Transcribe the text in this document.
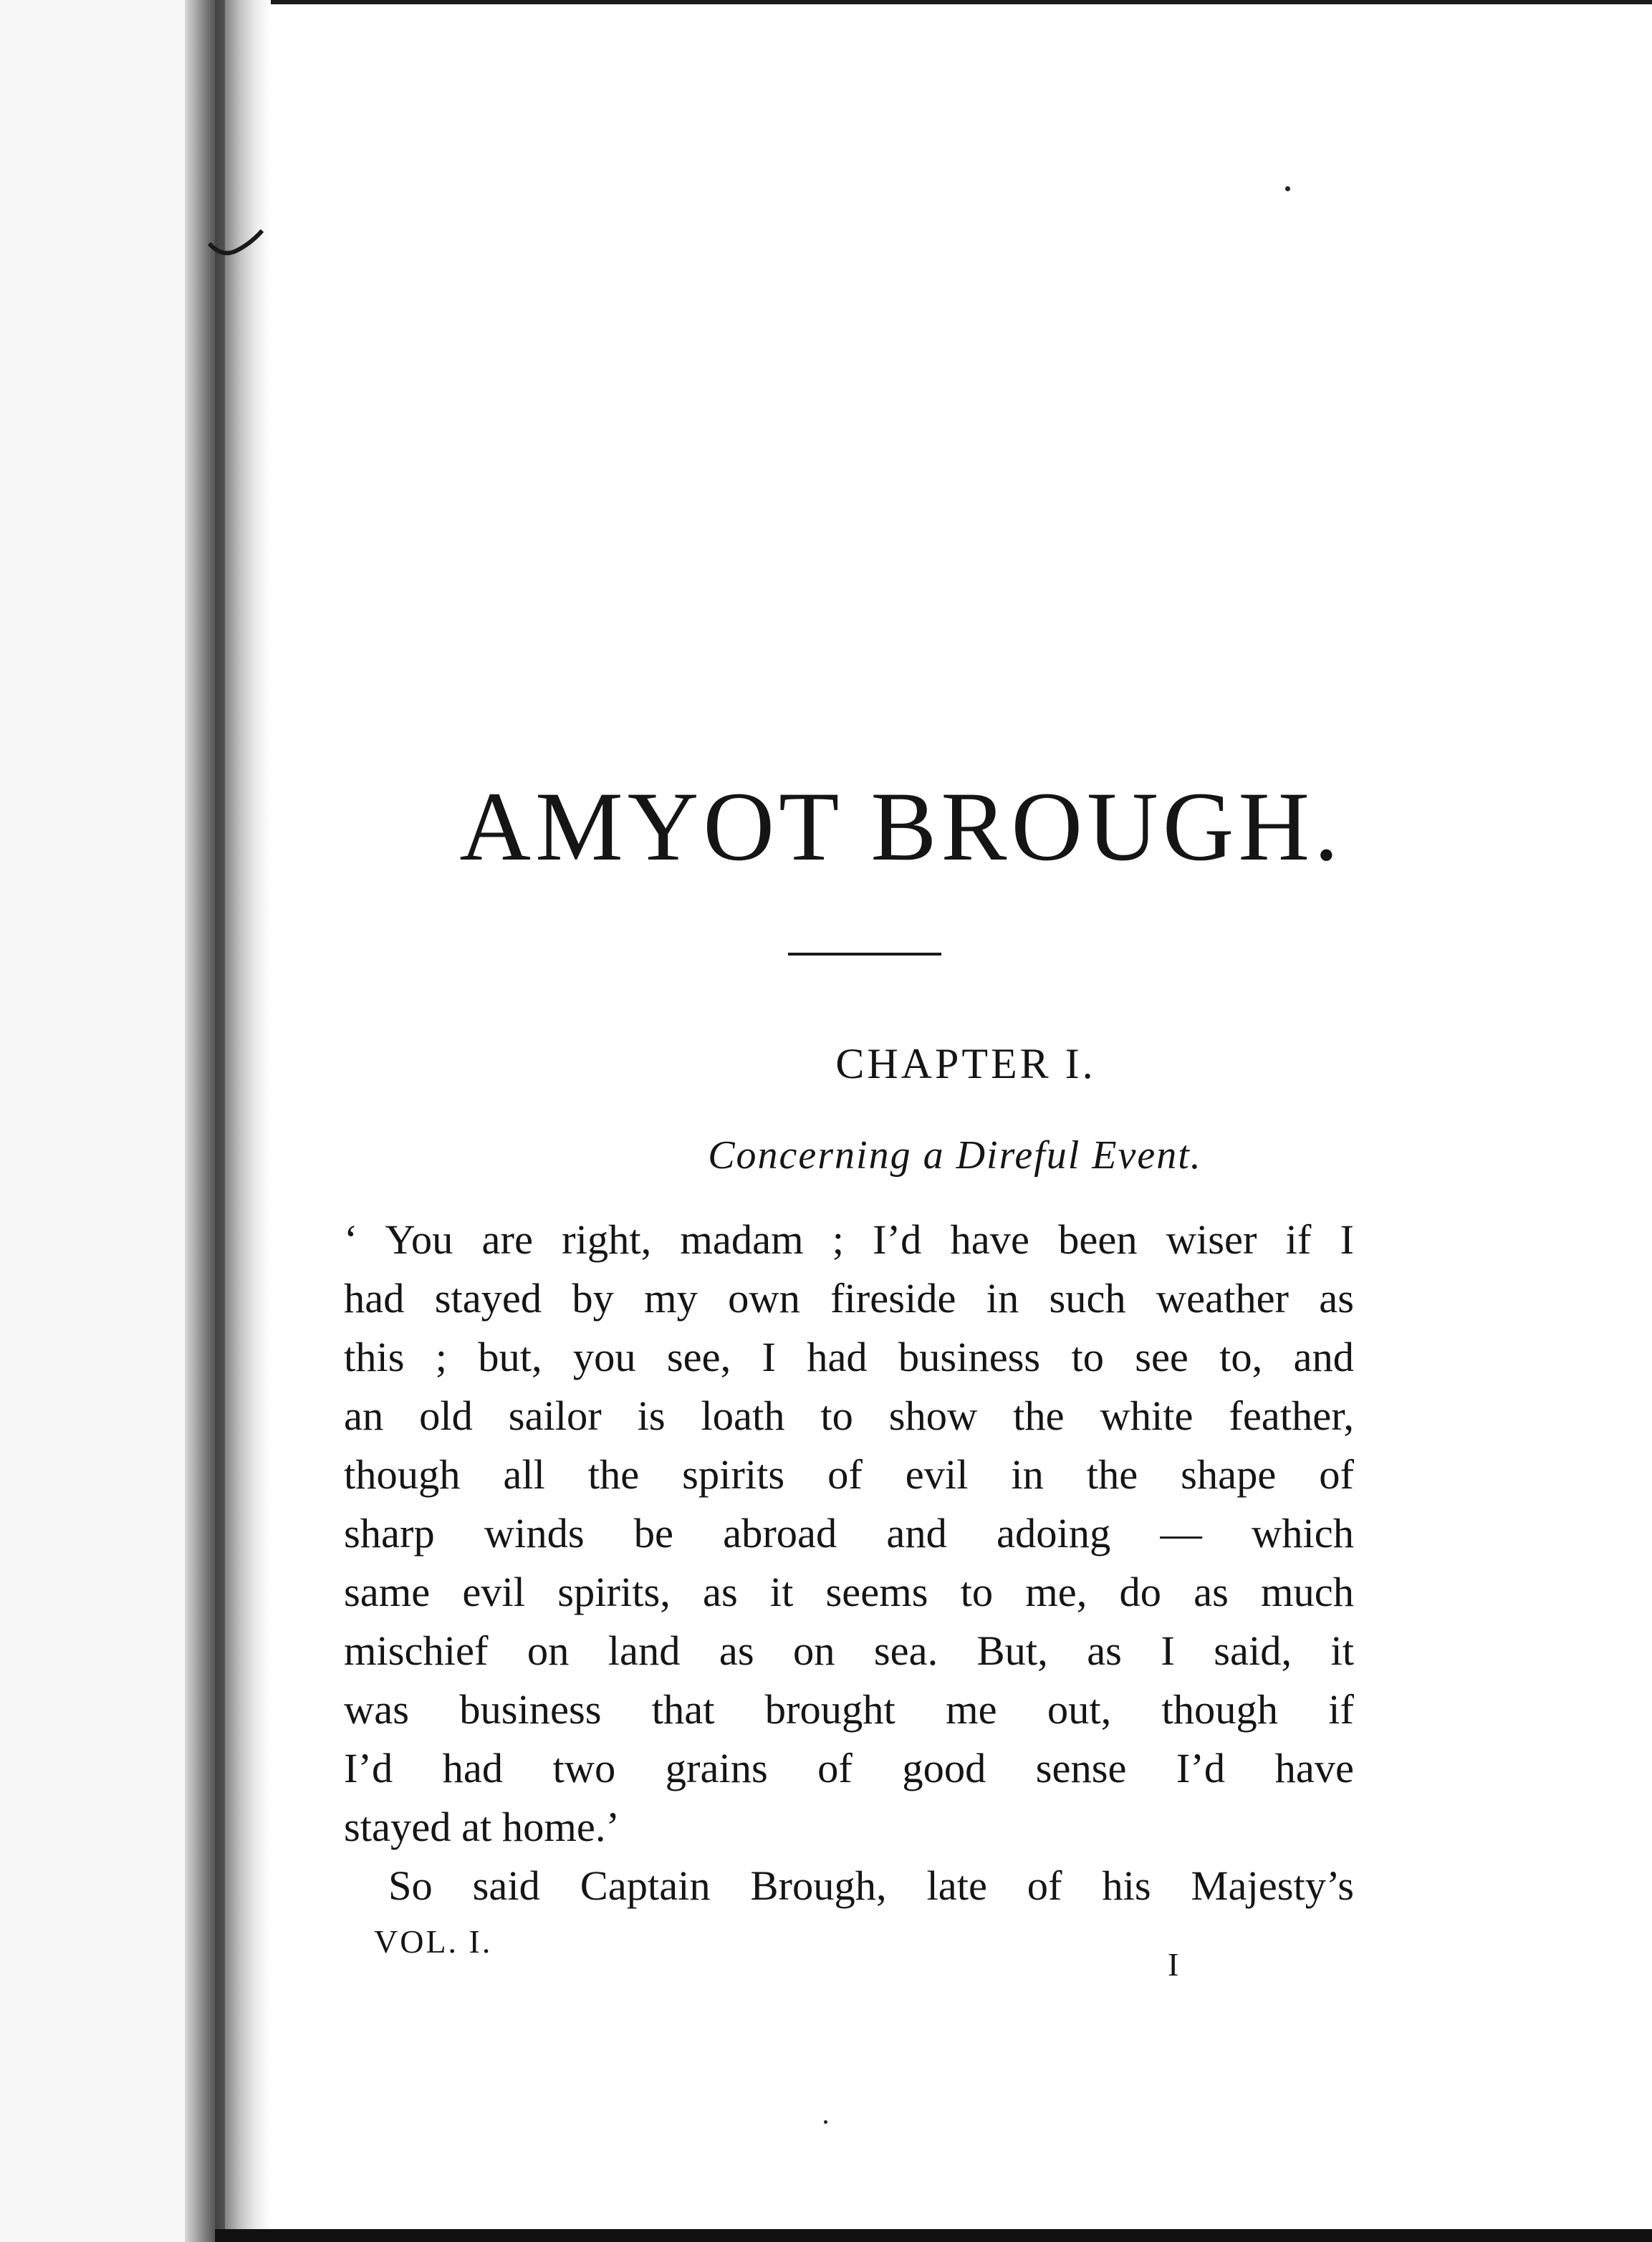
AMYOT BROUGH.
CHAPTER I.
Concerning a Direful Event.
‘ You are right, madam ; I’d have been wiser if I
had stayed by my own fireside in such weather as
this ; but, you see, I had business to see to, and
an old sailor is loath to show the white feather,
though all the spirits of evil in the shape of
sharp winds be abroad and adoing — which
same evil spirits, as it seems to me, do as much
mischief on land as on sea. But, as I said, it
was business that brought me out, though if
I’d had two grains of good sense I’d have
stayed at home.’
So said Captain Brough, late of his Majesty’s
VOL. I.
I
